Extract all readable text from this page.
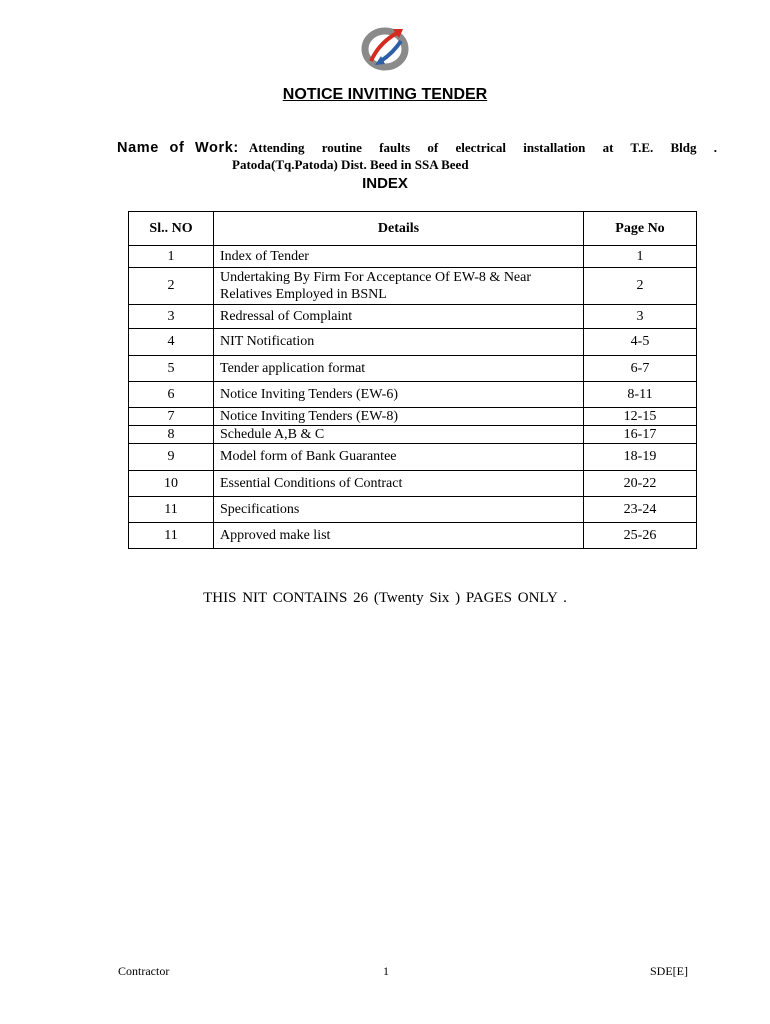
NOTICE INVITING TENDER
Name of Work: Attending routine faults of electrical installation at T.E. Bldg .
Patoda(Tq.Patoda) Dist. Beed in SSA Beed
INDEX
Sl.. NO	Details	Page No
1	Index of Tender	1
2	Undertaking By Firm For Acceptance Of EW-8 & Near Relatives Employed in BSNL	2
3	Redressal of Complaint	3
4	NIT Notification	4-5
5	Tender application format	6-7
6	Notice Inviting Tenders (EW-6)	8-11
7	Notice Inviting Tenders (EW-8)	12-15
8	Schedule A,B & C	16-17
9	Model form of Bank Guarantee	18-19
10	Essential Conditions of Contract	20-22
11	Specifications	23-24
11	Approved make list	25-26
THIS NIT CONTAINS 26 (Twenty Six ) PAGES ONLY .
Contractor	1	SDE[E]
